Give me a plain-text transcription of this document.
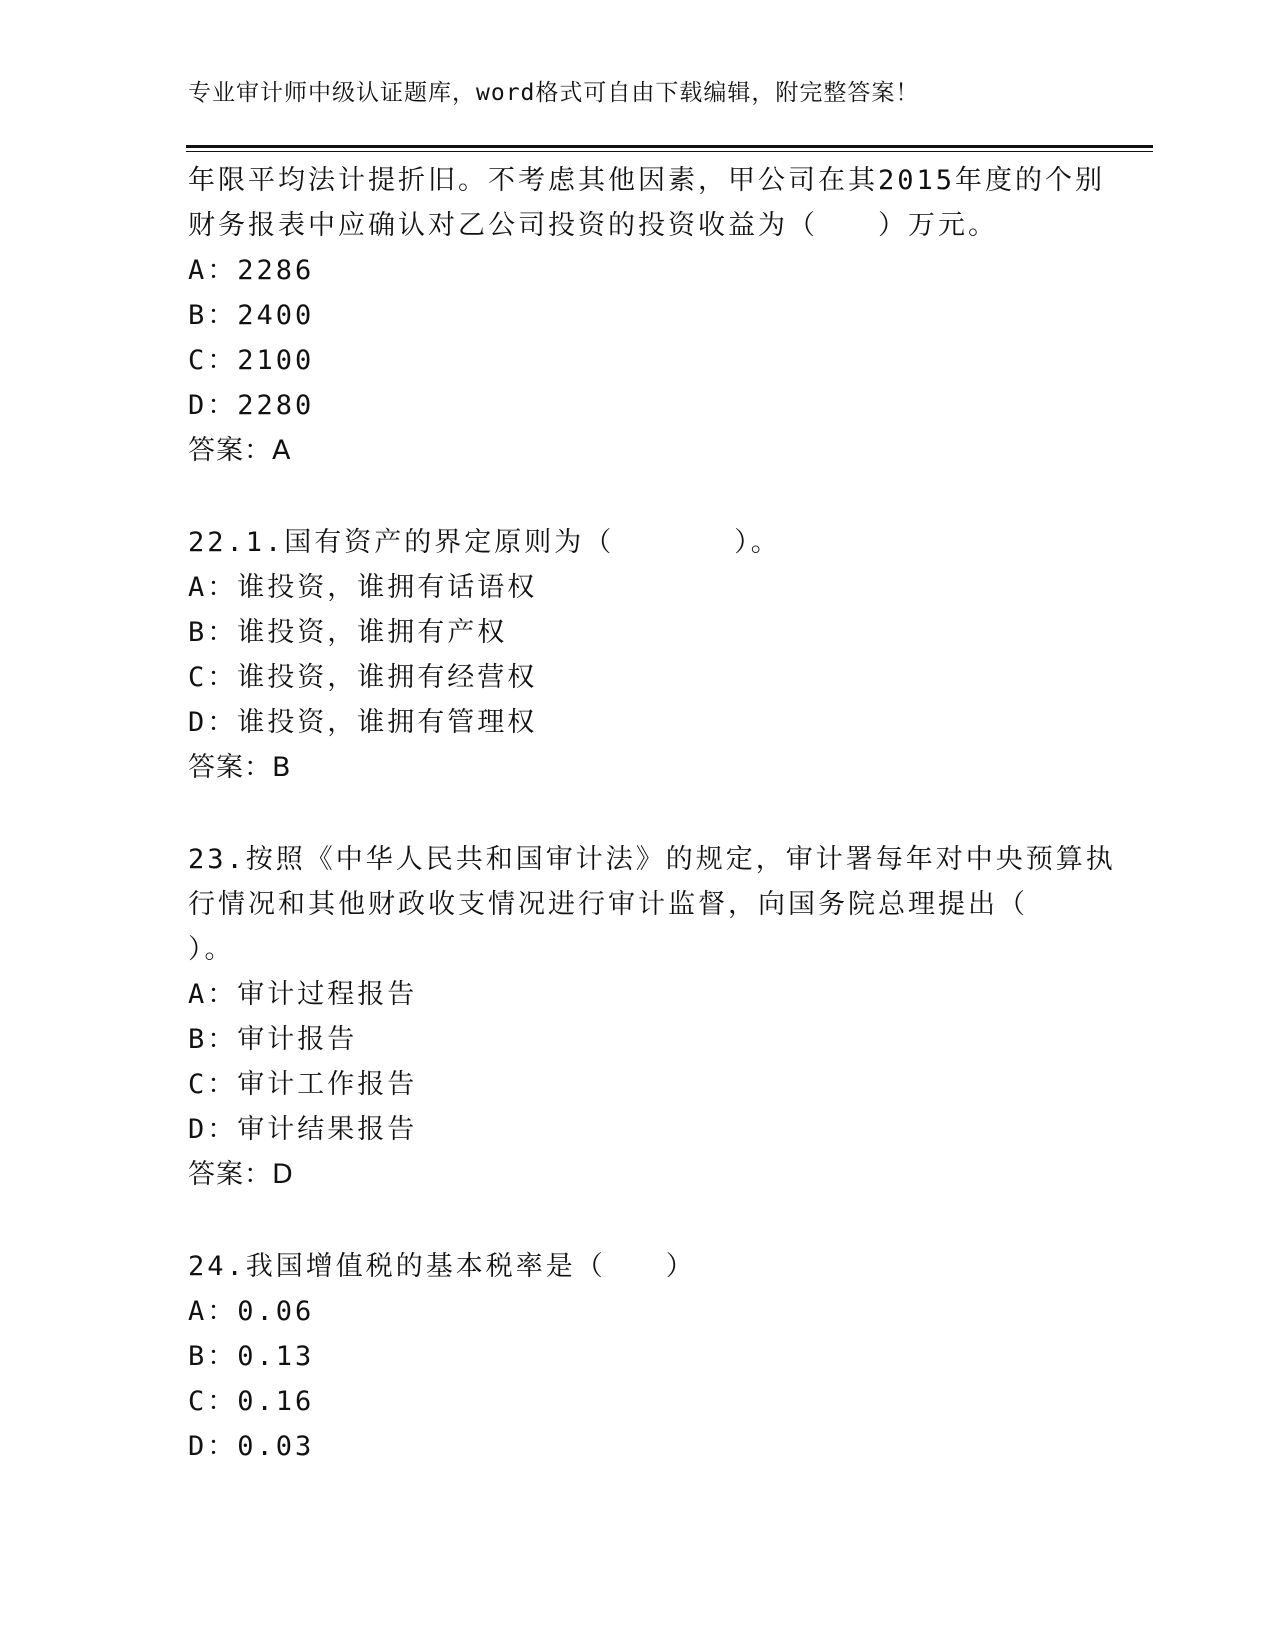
专业审计师中级认证题库，word格式可自由下载编辑，附完整答案！
年限平均法计提折旧。不考虑其他因素，甲公司在其2015年度的个别
财务报表中应确认对乙公司投资的投资收益为（　　）万元。
A：2286
B：2400
C：2100
D：2280
答案：A
22.1.国有资产的界定原则为（　　　　）。
A：谁投资，谁拥有话语权
B：谁投资，谁拥有产权
C：谁投资，谁拥有经营权
D：谁投资，谁拥有管理权
答案：B
23.按照《中华人民共和国审计法》的规定，审计署每年对中央预算执
行情况和其他财政收支情况进行审计监督，向国务院总理提出（
）。
A：审计过程报告
B：审计报告
C：审计工作报告
D：审计结果报告
答案：D
24.我国增值税的基本税率是（　　）
A：0.06
B：0.13
C：0.16
D：0.03
